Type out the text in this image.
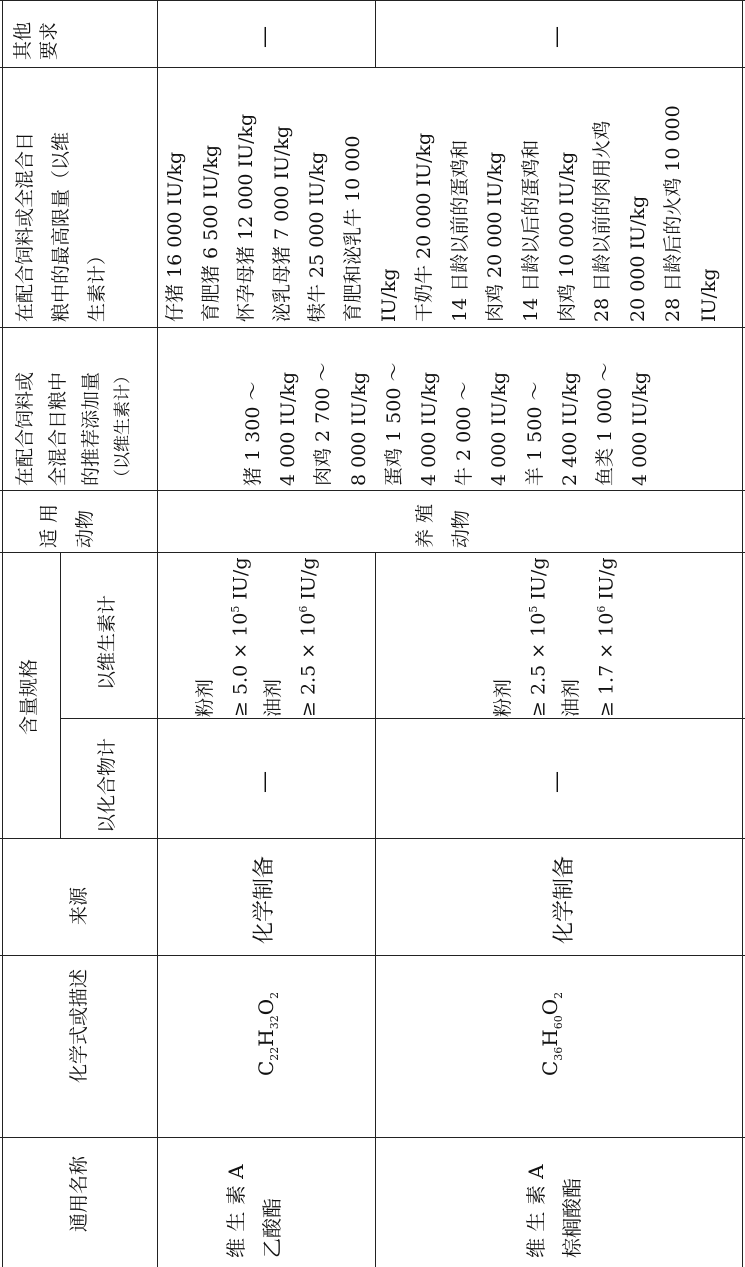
其他 要求
在配合饲料或全混合日 粮中的最高限量（以维 生素计）
在配合饲料或 全混合日粮中 的推荐添加量 （以维生素计）
适 用 动物
含量规格
以维生素计
以化合物计
来源
化学式或描述
通用名称
—
—
粉剂 ≥ $5.0 \times 10^5$ IU/g
油剂 ≥ $2.5 \times 10^6$ IU/g
化学制备
$C_{22}H_{32}O_2$
维 生 素 A 乙酸酯
—
—
粉剂 ≥ $2.5 \times 10^5$ IU/g
油剂 ≥ $1.7 \times 10^6$ IU/g
化学制备
$C_{36}H_{60}O_2$
维 生 素 A 棕榈酸酯
养 殖 动物
猪 1 300 ～ 4 000 IU/kg 肉鸡 2 700 ～ 8 000 IU/kg 蛋鸡 1 500 ～ 4 000 IU/kg 牛 2 000 ～ 4 000 IU/kg 羊 1 500 ～ 2 400 IU/kg 鱼类 1 000 ～ 4 000 IU/kg
仔猪 16 000 IU/kg 育肥猪 6 500 IU/kg 怀孕母猪 12 000 IU/kg 泌乳母猪 7 000 IU/kg 犊牛 25 000 IU/kg 育肥和泌乳牛 10 000 IU/kg 干奶牛 20 000 IU/kg 14 日龄以前的蛋鸡和 肉鸡 20 000 IU/kg 14 日龄以后的蛋鸡和 肉鸡 10 000 IU/kg 28 日龄以前的肉用火鸡 20 000 IU/kg 28 日龄后的火鸡 10 000 IU/kg
